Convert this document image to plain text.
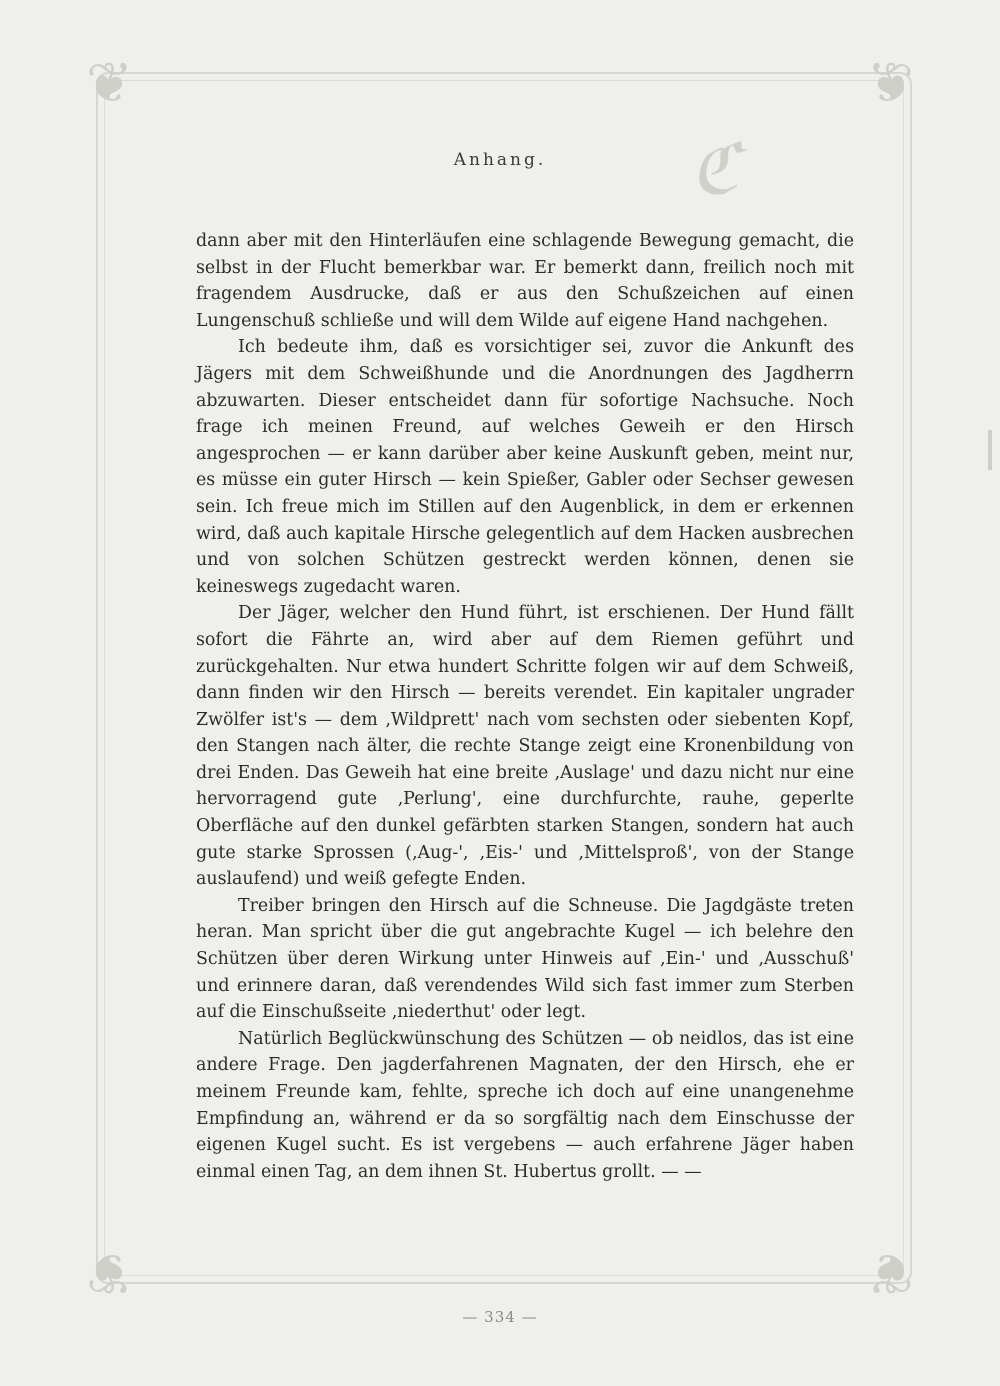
❦	❦
❦	❦
ℭ
Anhang.

dann aber mit den Hinterläufen eine schlagende Bewegung gemacht, die selbst in der Flucht bemerkbar war. Er bemerkt dann, freilich noch mit fragendem Ausdrucke, daß er aus den Schußzeichen auf einen Lungenschuß schließe und will dem Wilde auf eigene Hand nachgehen.

Ich bedeute ihm, daß es vorsichtiger sei, zuvor die Ankunft des Jägers mit dem Schweißhunde und die Anordnungen des Jagdherrn abzuwarten. Dieser entscheidet dann für sofortige Nachsuche. Noch frage ich meinen Freund, auf welches Geweih er den Hirsch angesprochen — er kann darüber aber keine Auskunft geben, meint nur, es müsse ein guter Hirsch — kein Spießer, Gabler oder Sechser gewesen sein. Ich freue mich im Stillen auf den Augenblick, in dem er erkennen wird, daß auch kapitale Hirsche gelegentlich auf dem Hacken ausbrechen und von solchen Schützen gestreckt werden können, denen sie keineswegs zugedacht waren.

Der Jäger, welcher den Hund führt, ist erschienen. Der Hund fällt sofort die Fährte an, wird aber auf dem Riemen geführt und zurückgehalten. Nur etwa hundert Schritte folgen wir auf dem Schweiß, dann finden wir den Hirsch — bereits verendet. Ein kapitaler ungrader Zwölfer ist's — dem ‚Wildprett' nach vom sechsten oder siebenten Kopf, den Stangen nach älter, die rechte Stange zeigt eine Kronenbildung von drei Enden. Das Geweih hat eine breite ‚Auslage' und dazu nicht nur eine hervorragend gute ‚Perlung', eine durchfurchte, rauhe, geperlte Oberfläche auf den dunkel gefärbten starken Stangen, sondern hat auch gute starke Sprossen (‚Aug-', ‚Eis-' und ‚Mittelsproß', von der Stange auslaufend) und weiß gefegte Enden.

Treiber bringen den Hirsch auf die Schneuse. Die Jagdgäste treten heran. Man spricht über die gut angebrachte Kugel — ich belehre den Schützen über deren Wirkung unter Hinweis auf ‚Ein-' und ‚Ausschuß' und erinnere daran, daß verendendes Wild sich fast immer zum Sterben auf die Einschußseite ‚niederthut' oder legt.

Natürlich Beglückwünschung des Schützen — ob neidlos, das ist eine andere Frage. Den jagderfahrenen Magnaten, der den Hirsch, ehe er meinem Freunde kam, fehlte, spreche ich doch auf eine unangenehme Empfindung an, während er da so sorgfältig nach dem Einschusse der eigenen Kugel sucht. Es ist vergebens — auch erfahrene Jäger haben einmal einen Tag, an dem ihnen St. Hubertus grollt. — —

— 334 —
